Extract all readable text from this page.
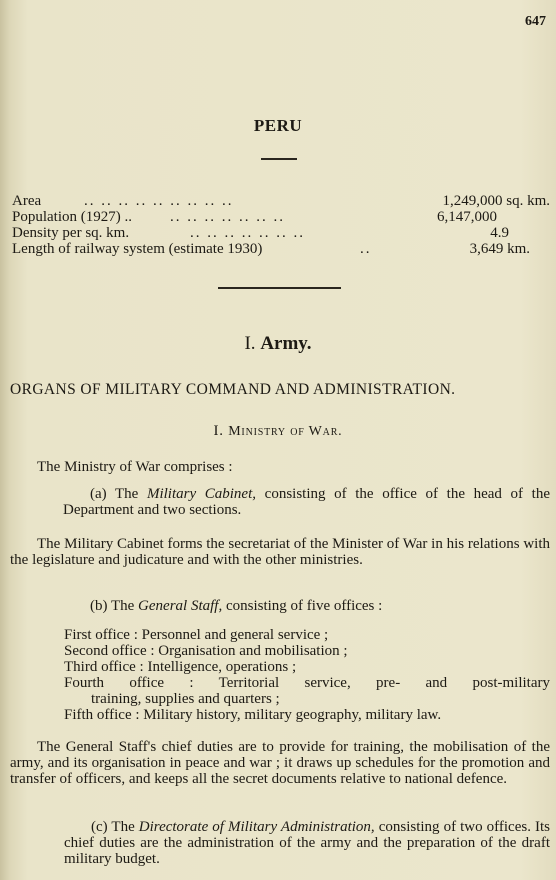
647
PERU
Area	.. .. .. .. .. .. .. .. ..	1,249,000 sq. km.
Population (1927) ..	.. .. .. .. .. .. ..	6,147,000
Density per sq. km.	.. .. .. .. .. .. ..	4.9
Length of railway system (estimate 1930)	..	3,649 km.
I. Army.
ORGANS OF MILITARY COMMAND AND ADMINISTRATION.
I. Ministry of War.
The Ministry of War comprises :
(a) The Military Cabinet, consisting of the office of the head of the Department and two sections.
The Military Cabinet forms the secretariat of the Minister of War in his relations with the legislature and judicature and with the other ministries.
(b) The General Staff, consisting of five offices :
First office : Personnel and general service ;
Second office : Organisation and mobilisation ;
Third office : Intelligence, operations ;
Fourth office : Territorial service, pre- and post-military
training, supplies and quarters ;
Fifth office : Military history, military geography, military law.
The General Staff's chief duties are to provide for training, the mobilisation of the army, and its organisation in peace and war ; it draws up schedules for the promotion and transfer of officers, and keeps all the secret documents relative to national defence.
(c) The Directorate of Military Administration, consisting of two offices. Its chief duties are the administration of the army and the preparation of the draft military budget.
